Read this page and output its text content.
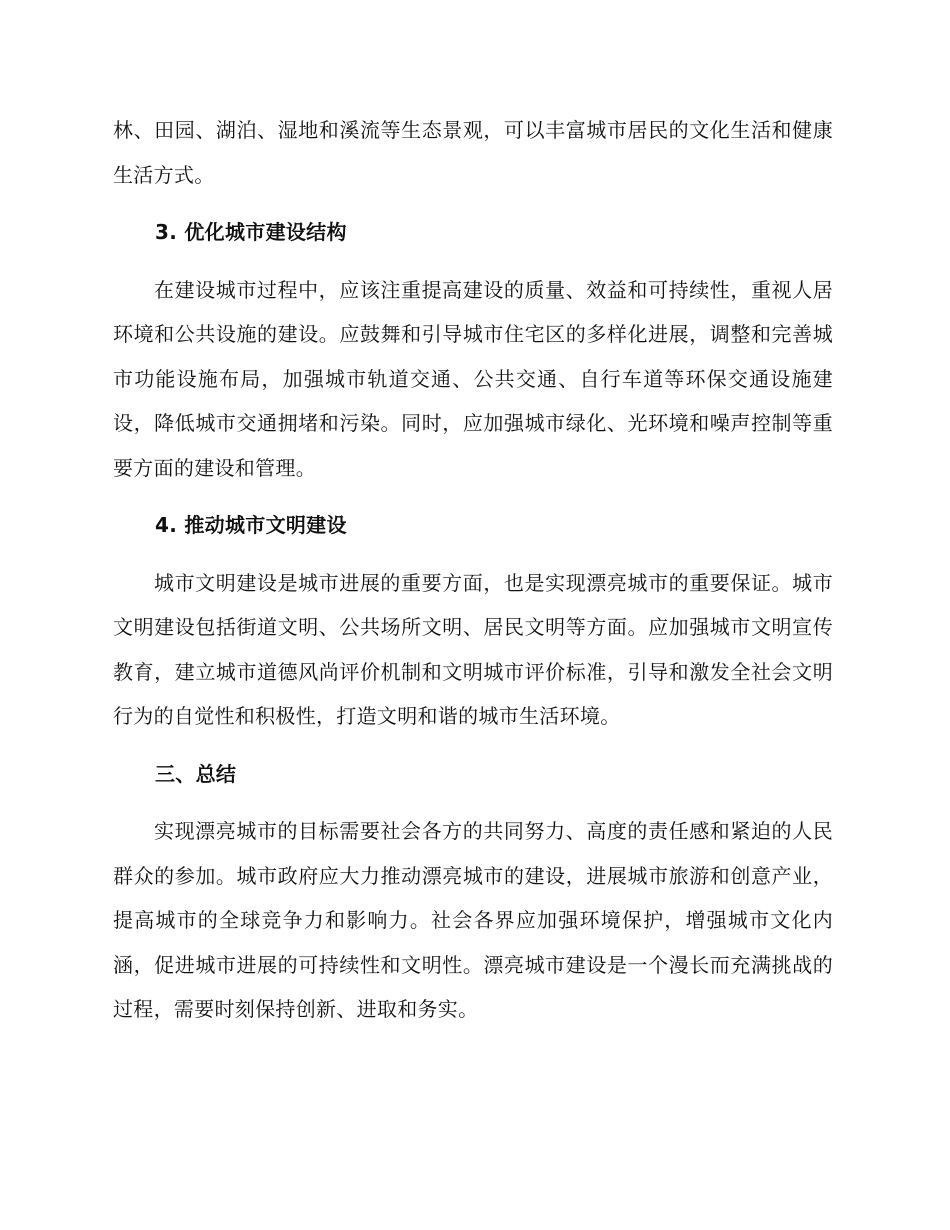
林、田园、湖泊、湿地和溪流等生态景观，可以丰富城市居民的文化生活和健康生活方式。

3. 优化城市建设结构

在建设城市过程中，应该注重提高建设的质量、效益和可持续性，重视人居环境和公共设施的建设。应鼓舞和引导城市住宅区的多样化进展，调整和完善城市功能设施布局，加强城市轨道交通、公共交通、自行车道等环保交通设施建设，降低城市交通拥堵和污染。同时，应加强城市绿化、光环境和噪声控制等重要方面的建设和管理。

4. 推动城市文明建设

城市文明建设是城市进展的重要方面，也是实现漂亮城市的重要保证。城市文明建设包括街道文明、公共场所文明、居民文明等方面。应加强城市文明宣传教育，建立城市道德风尚评价机制和文明城市评价标准，引导和激发全社会文明行为的自觉性和积极性，打造文明和谐的城市生活环境。

三、总结

实现漂亮城市的目标需要社会各方的共同努力、高度的责任感和紧迫的人民群众的参加。城市政府应大力推动漂亮城市的建设，进展城市旅游和创意产业，提高城市的全球竞争力和影响力。社会各界应加强环境保护，增强城市文化内涵，促进城市进展的可持续性和文明性。漂亮城市建设是一个漫长而充满挑战的过程，需要时刻保持创新、进取和务实。
